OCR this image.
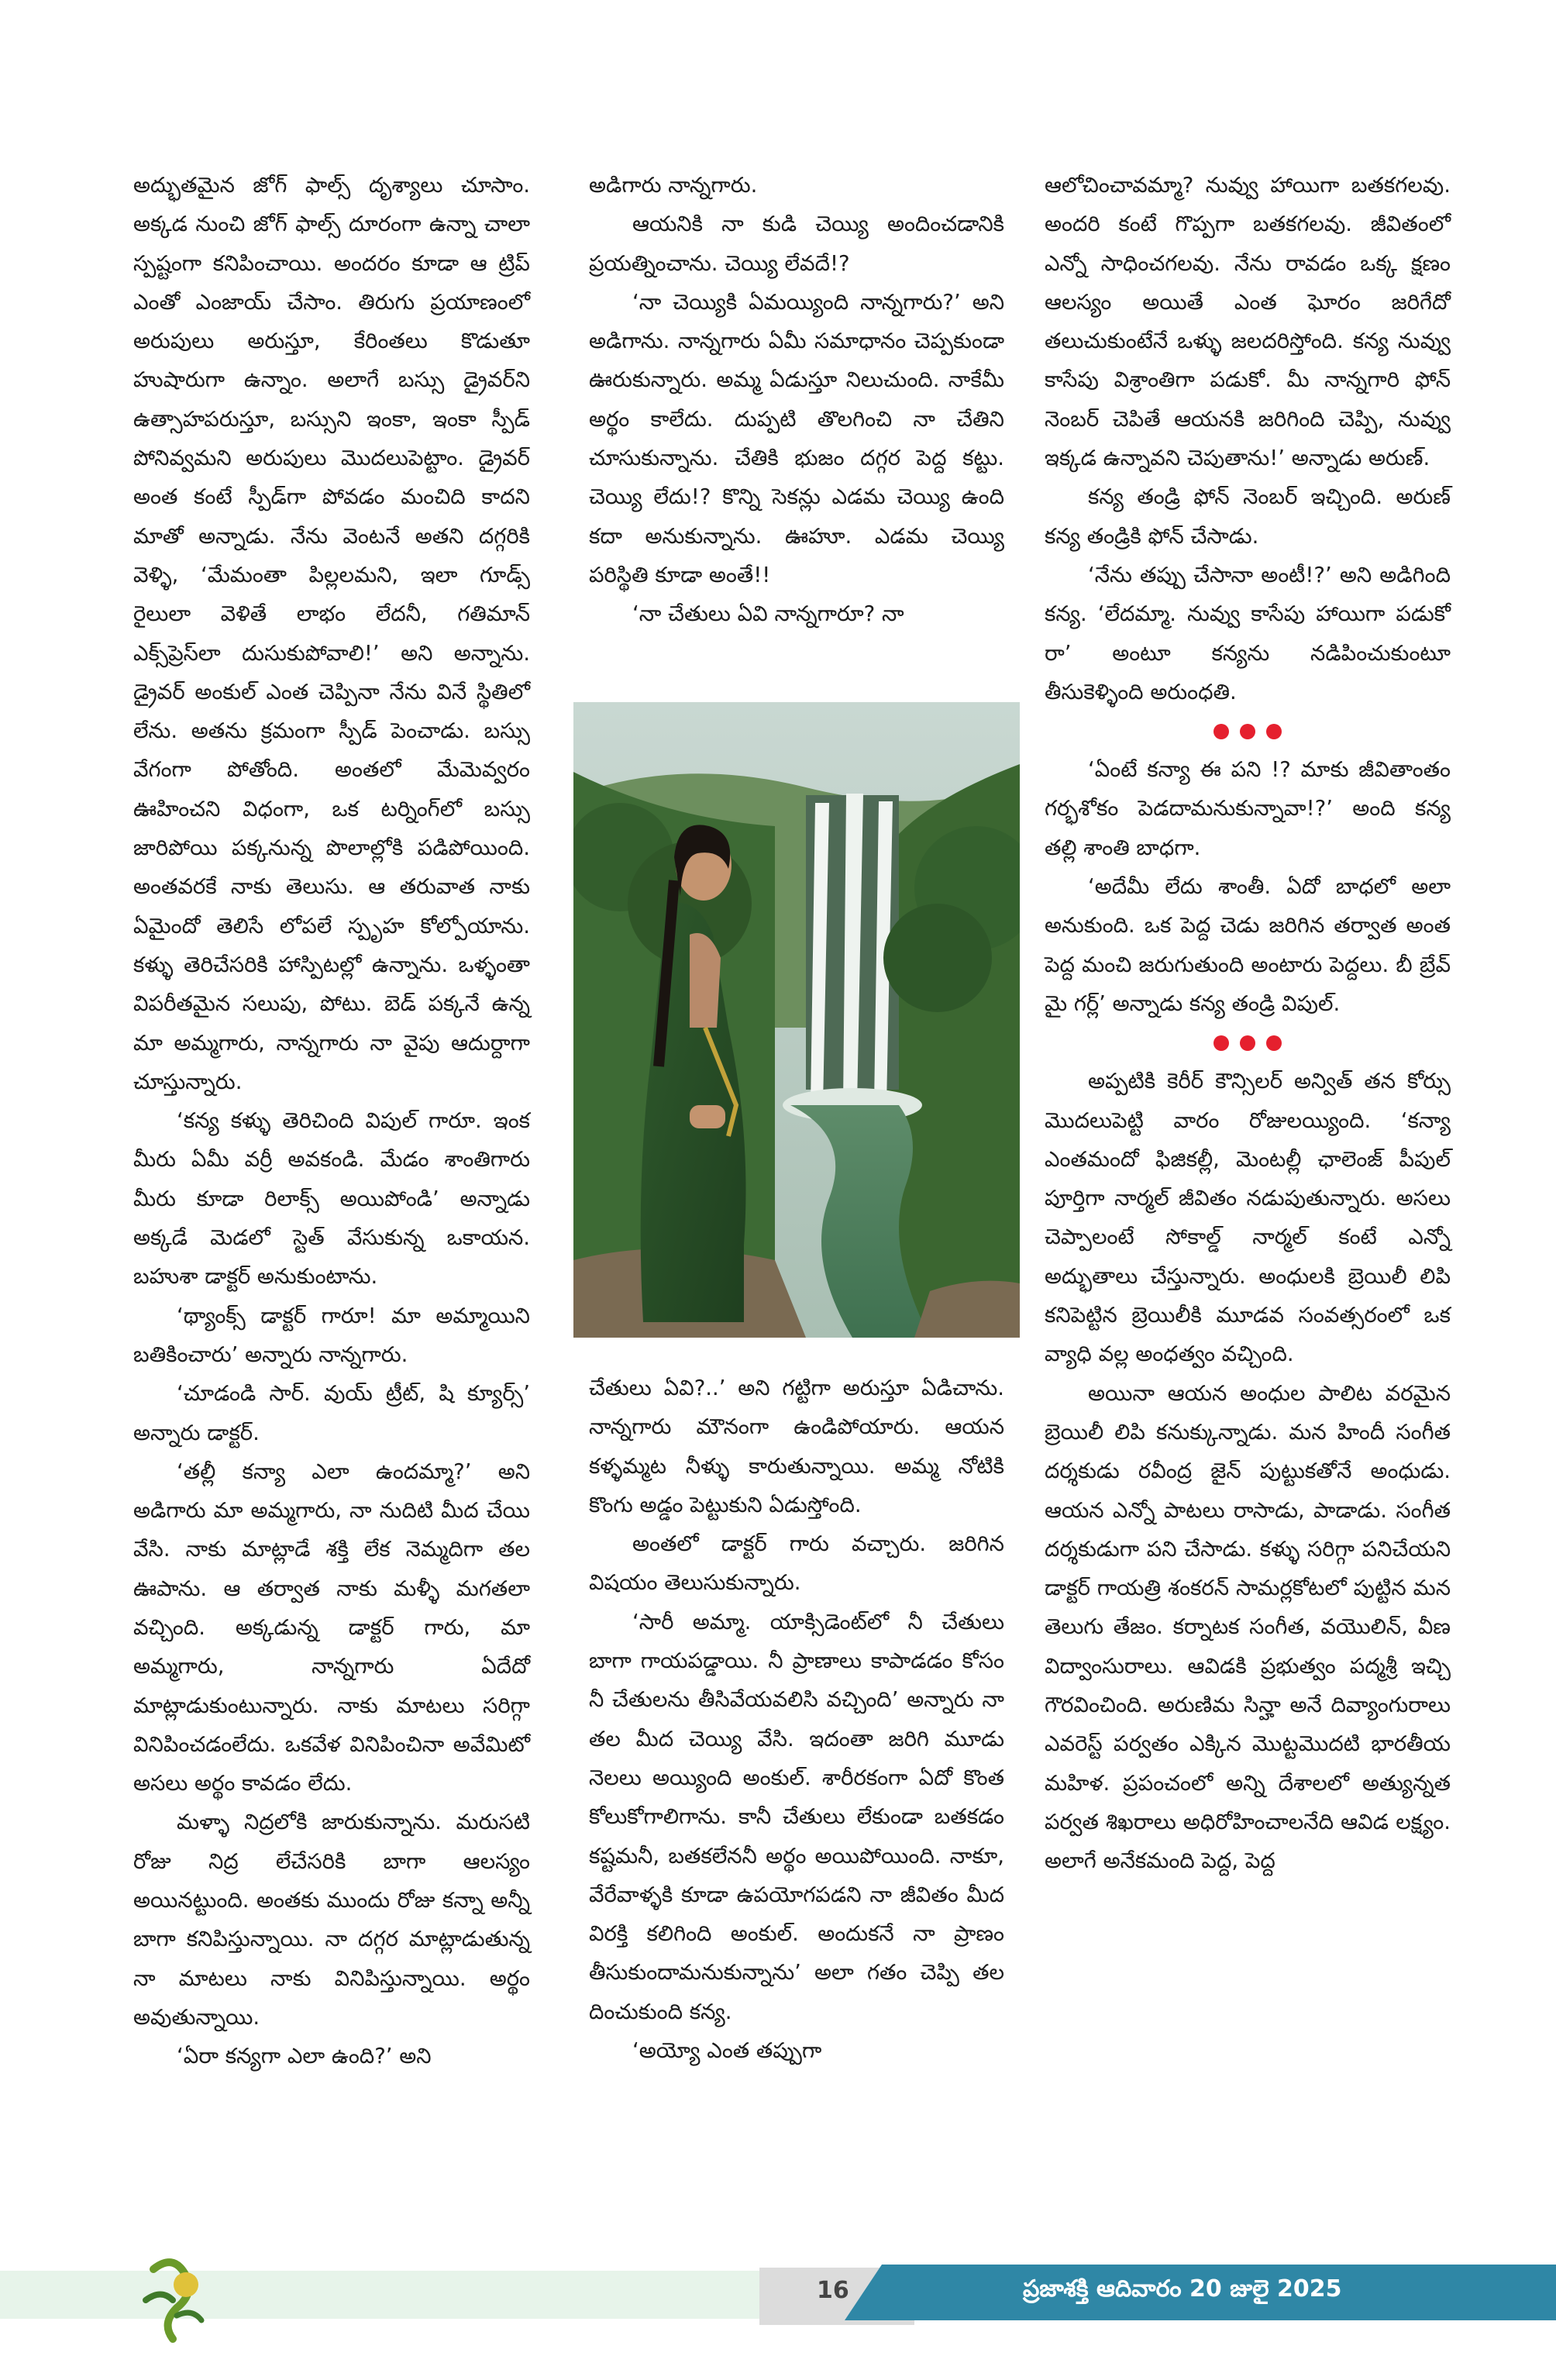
అద్భుతమైన జోగ్ ఫాల్స్ దృశ్యాలు చూసాం. అక్కడ నుంచి జోగ్ ఫాల్స్ దూరంగా ఉన్నా చాలా స్పష్టంగా కనిపించాయి. అందరం కూడా ఆ ట్రిప్ ఎంతో ఎంజాయ్ చేసాం. తిరుగు ప్రయాణంలో అరుపులు అరుస్తూ, కేరింతలు కొడుతూ హుషారుగా ఉన్నాం. అలాగే బస్సు డ్రైవర్‌ని ఉత్సాహపరుస్తూ, బస్సుని ఇంకా, ఇంకా స్పీడ్ పోనివ్వమని అరుపులు మొదలుపెట్టాం. డ్రైవర్ అంత కంటే స్పీడ్‌గా పోవడం మంచిది కాదని మాతో అన్నాడు. నేను వెంటనే అతని దగ్గరికి వెళ్ళి, ‘మేమంతా పిల్లలమని, ఇలా గూడ్స్ రైలులా వెళితే లాభం లేదనీ, గతిమాన్ ఎక్స్‌ప్రెస్‌లా దుసుకుపోవాలి!’ అని అన్నాను. డ్రైవర్ అంకుల్ ఎంత చెప్పినా నేను వినే స్థితిలో లేను. అతను క్రమంగా స్పీడ్ పెంచాడు. బస్సు వేగంగా పోతోంది. అంతలో మేమెవ్వరం ఊహించని విధంగా, ఒక టర్నింగ్‌లో బస్సు జారిపోయి పక్కనున్న పొలాల్లోకి పడిపోయింది. అంతవరకే నాకు తెలుసు. ఆ తరువాత నాకు ఏమైందో తెలిసే లోపలే స్పృహ కోల్పోయాను. కళ్ళు తెరిచేసరికి హాస్పిటల్లో ఉన్నాను. ఒళ్ళంతా విపరీతమైన సలుపు, పోటు. బెడ్ పక్కనే ఉన్న మా అమ్మగారు, నాన్నగారు నా వైపు ఆదుర్దాగా చూస్తున్నారు.

‘కన్య కళ్ళు తెరిచింది విపుల్ గారూ. ఇంక మీరు ఏమీ వర్రీ అవకండి. మేడం శాంతిగారు మీరు కూడా రిలాక్స్ అయిపోండి’ అన్నాడు అక్కడే మెడలో స్టెత్ వేసుకున్న ఒకాయన. బహుశా డాక్టర్ అనుకుంటాను.

‘థ్యాంక్స్ డాక్టర్ గారూ! మా అమ్మాయిని బతికించారు’ అన్నారు నాన్నగారు.

‘చూడండి సార్. వుయ్ ట్రీట్, షి క్యూర్స్’ అన్నారు డాక్టర్.

‘తల్లీ కన్యా ఎలా ఉందమ్మా?’ అని అడిగారు మా అమ్మగారు, నా నుదిటి మీద చేయి వేసి. నాకు మాట్లాడే శక్తి లేక నెమ్మదిగా తల ఊపాను. ఆ తర్వాత నాకు మళ్ళీ మగతలా వచ్చింది. అక్కడున్న డాక్టర్ గారు, మా అమ్మగారు, నాన్నగారు ఏదేదో మాట్లాడుకుంటున్నారు. నాకు మాటలు సరిగ్గా వినిపించడంలేదు. ఒకవేళ వినిపించినా అవేమిటో అసలు అర్థం కావడం లేదు.

మళ్ళా నిద్రలోకి జారుకున్నాను. మరుసటి రోజు నిద్ర లేచేసరికి బాగా ఆలస్యం అయినట్టుంది. అంతకు ముందు రోజు కన్నా అన్నీ బాగా కనిపిస్తున్నాయి. నా దగ్గర మాట్లాడుతున్న నా మాటలు నాకు వినిపిస్తున్నాయి. అర్థం అవుతున్నాయి.

‘ఏరా కన్యగా ఎలా ఉంది?’ అని

అడిగారు నాన్నగారు.

ఆయనికి నా కుడి చెయ్యి అందించడానికి ప్రయత్నించాను. చెయ్యి లేవదే!?

‘నా చెయ్యికి ఏమయ్యింది నాన్నగారు?’ అని అడిగాను. నాన్నగారు ఏమీ సమాధానం చెప్పకుండా ఊరుకున్నారు. అమ్మ ఏడుస్తూ నిలుచుంది. నాకేమీ అర్థం కాలేదు. దుప్పటి తొలగించి నా చేతిని చూసుకున్నాను. చేతికి భుజం దగ్గర పెద్ద కట్టు. చెయ్యి లేదు!? కొన్ని సెకన్లు ఎడమ చెయ్యి ఉంది కదా అనుకున్నాను. ఊహూ. ఎడమ చెయ్యి పరిస్థితి కూడా అంతే!!

‘నా చేతులు ఏవి నాన్నగారూ? నా

చేతులు ఏవి?..’ అని గట్టిగా అరుస్తూ ఏడిచాను. నాన్నగారు మౌనంగా ఉండిపోయారు. ఆయన కళ్ళమ్మట నీళ్ళు కారుతున్నాయి. అమ్మ నోటికి కొంగు అడ్డం పెట్టుకుని ఏడుస్తోంది.

అంతలో డాక్టర్ గారు వచ్చారు. జరిగిన విషయం తెలుసుకున్నారు.

‘సారీ అమ్మా. యాక్సిడెంట్‌లో నీ చేతులు బాగా గాయపడ్డాయి. నీ ప్రాణాలు కాపాడడం కోసం నీ చేతులను తీసివేయవలిసి వచ్చింది’ అన్నారు నా తల మీద చెయ్యి వేసి. ఇదంతా జరిగి మూడు నెలలు అయ్యింది అంకుల్. శారీరకంగా ఏదో కొంత కోలుకోగాలిగాను. కానీ చేతులు లేకుండా బతకడం కష్టమనీ, బతకలేననీ అర్థం అయిపోయింది. నాకూ, వేరేవాళ్ళకి కూడా ఉపయోగపడని నా జీవితం మీద విరక్తి కలిగింది అంకుల్. అందుకనే నా ప్రాణం తీసుకుందామనుకున్నాను’ అలా గతం చెప్పి తల దించుకుంది కన్య.

‘అయ్యో ఎంత తప్పుగా

ఆలోచించావమ్మా? నువ్వు హాయిగా బతకగలవు. అందరి కంటే గొప్పగా బతకగలవు. జీవితంలో ఎన్నో సాధించగలవు. నేను రావడం ఒక్క క్షణం ఆలస్యం అయితే ఎంత ఘోరం జరిగేదో తలుచుకుంటేనే ఒళ్ళు జలదరిస్తోంది. కన్య నువ్వు కాసేపు విశ్రాంతిగా పడుకో. మీ నాన్నగారి ఫోన్ నెంబర్ చెపితే ఆయనకి జరిగింది చెప్పి, నువ్వు ఇక్కడ ఉన్నావని చెపుతాను!’ అన్నాడు అరుణ్.

కన్య తండ్రి ఫోన్ నెంబర్ ఇచ్చింది. అరుణ్ కన్య తండ్రికి ఫోన్ చేసాడు.

‘నేను తప్పు చేసానా అంటీ!?’ అని అడిగింది కన్య. ‘లేదమ్మా. నువ్వు కాసేపు హాయిగా పడుకో రా’ అంటూ కన్యను నడిపించుకుంటూ తీసుకెళ్ళింది అరుంధతి.

‘ఏంటే కన్యా ఈ పని !? మాకు జీవితాంతం గర్భశోకం పెడదామనుకున్నావా!?’ అంది కన్య తల్లి శాంతి బాధగా.

‘అదేమీ లేదు శాంతీ. ఏదో బాధలో అలా అనుకుంది. ఒక పెద్ద చెడు జరిగిన తర్వాత అంత పెద్ద మంచి జరుగుతుంది అంటారు పెద్దలు. బీ బ్రేవ్ మై గర్ల్’ అన్నాడు కన్య తండ్రి విపుల్.

అప్పటికి కెరీర్ కౌన్సిలర్ అన్విత్ తన కోర్సు మొదలుపెట్టి వారం రోజులయ్యింది. ‘కన్యా ఎంతమందో ఫిజికల్లీ, మెంటల్లీ ఛాలెంజ్ పీపుల్ పూర్తిగా నార్మల్ జీవితం నడుపుతున్నారు. అసలు చెప్పాలంటే సోకాల్డ్ నార్మల్ కంటే ఎన్నో అద్భుతాలు చేస్తున్నారు. అంధులకి బ్రెయిలీ లిపి కనిపెట్టిన బ్రెయిలీకి మూడవ సంవత్సరంలో ఒక వ్యాధి వల్ల అంధత్వం వచ్చింది.

అయినా ఆయన అంధుల పాలిట వరమైన బ్రెయిలీ లిపి కనుక్కున్నాడు. మన హిందీ సంగీత దర్శకుడు రవీంద్ర జైన్ పుట్టుకతోనే అంధుడు. ఆయన ఎన్నో పాటలు రాసాడు, పాడాడు. సంగీత దర్శకుడుగా పని చేసాడు. కళ్ళు సరిగ్గా పనిచేయని డాక్టర్ గాయత్రి శంకరన్ సామర్లకోటలో పుట్టిన మన తెలుగు తేజం. కర్నాటక సంగీత, వయొలిన్, వీణ విద్వాంసురాలు. ఆవిడకి ప్రభుత్వం పద్మశ్రీ ఇచ్చి గౌరవించింది. అరుణిమ సిన్హా అనే దివ్యాంగురాలు ఎవరెస్ట్ పర్వతం ఎక్కిన మొట్టమొదటి భారతీయ మహిళ. ప్రపంచంలో అన్ని దేశాలలో అత్యున్నత పర్వత శిఖరాలు అధిరోహించాలనేది ఆవిడ లక్ష్యం. అలాగే అనేకమంది పెద్ద, పెద్ద

16	ప్రజాశక్తి ఆదివారం 20 జులై 2025
